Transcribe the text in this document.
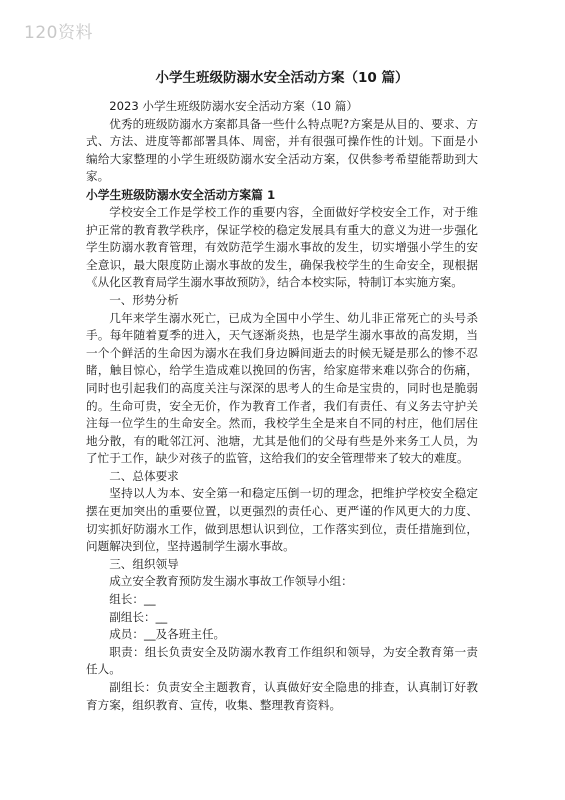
120资料
小学生班级防溺水安全活动方案（10 篇）

2023 小学生班级防溺水安全活动方案（10 篇）

优秀的班级防溺水方案都具备一些什么特点呢?方案是从目的、要求、方式、方法、进度等都部署具体、周密，并有很强可操作性的计划。下面是小编给大家整理的小学生班级防溺水安全活动方案，仅供参考希望能帮助到大家。

小学生班级防溺水安全活动方案篇 1

学校安全工作是学校工作的重要内容，全面做好学校安全工作，对于维护正常的教育教学秩序，保证学校的稳定发展具有重大的意义为进一步强化学生防溺水教育管理，有效防范学生溺水事故的发生，切实增强小学生的安全意识，最大限度防止溺水事故的发生，确保我校学生的生命安全，现根据《从化区教育局学生溺水事故预防》，结合本校实际，特制订本实施方案。

一、形势分析

几年来学生溺水死亡，已成为全国中小学生、幼儿非正常死亡的头号杀手。每年随着夏季的进入，天气逐渐炎热，也是学生溺水事故的高发期，当一个个鲜活的生命因为溺水在我们身边瞬间逝去的时候无疑是那么的惨不忍睹，触目惊心，给学生造成难以挽回的伤害，给家庭带来难以弥合的伤痛，同时也引起我们的高度关注与深深的思考人的生命是宝贵的，同时也是脆弱的。生命可贵，安全无价，作为教育工作者，我们有责任、有义务去守护关注每一位学生的生命安全。然而，我校学生全是来自不同的村庄，他们居住地分散，有的毗邻江河、池塘，尤其是他们的父母有些是外来务工人员，为了忙于工作，缺少对孩子的监管，这给我们的安全管理带来了较大的难度。

二、总体要求

坚持以人为本、安全第一和稳定压倒一切的理念，把维护学校安全稳定摆在更加突出的重要位置，以更强烈的责任心、更严谨的作风更大的力度、切实抓好防溺水工作，做到思想认识到位，工作落实到位，责任措施到位，问题解决到位，坚持遏制学生溺水事故。

三、组织领导

成立安全教育预防发生溺水事故工作领导小组：

组长：__

副组长：__

成员：__及各班主任。

职责：组长负责安全及防溺水教育工作组织和领导，为安全教育第一责任人。

副组长：负责安全主题教育，认真做好安全隐患的排查，认真制订好教育方案，组织教育、宣传，收集、整理教育资料。
